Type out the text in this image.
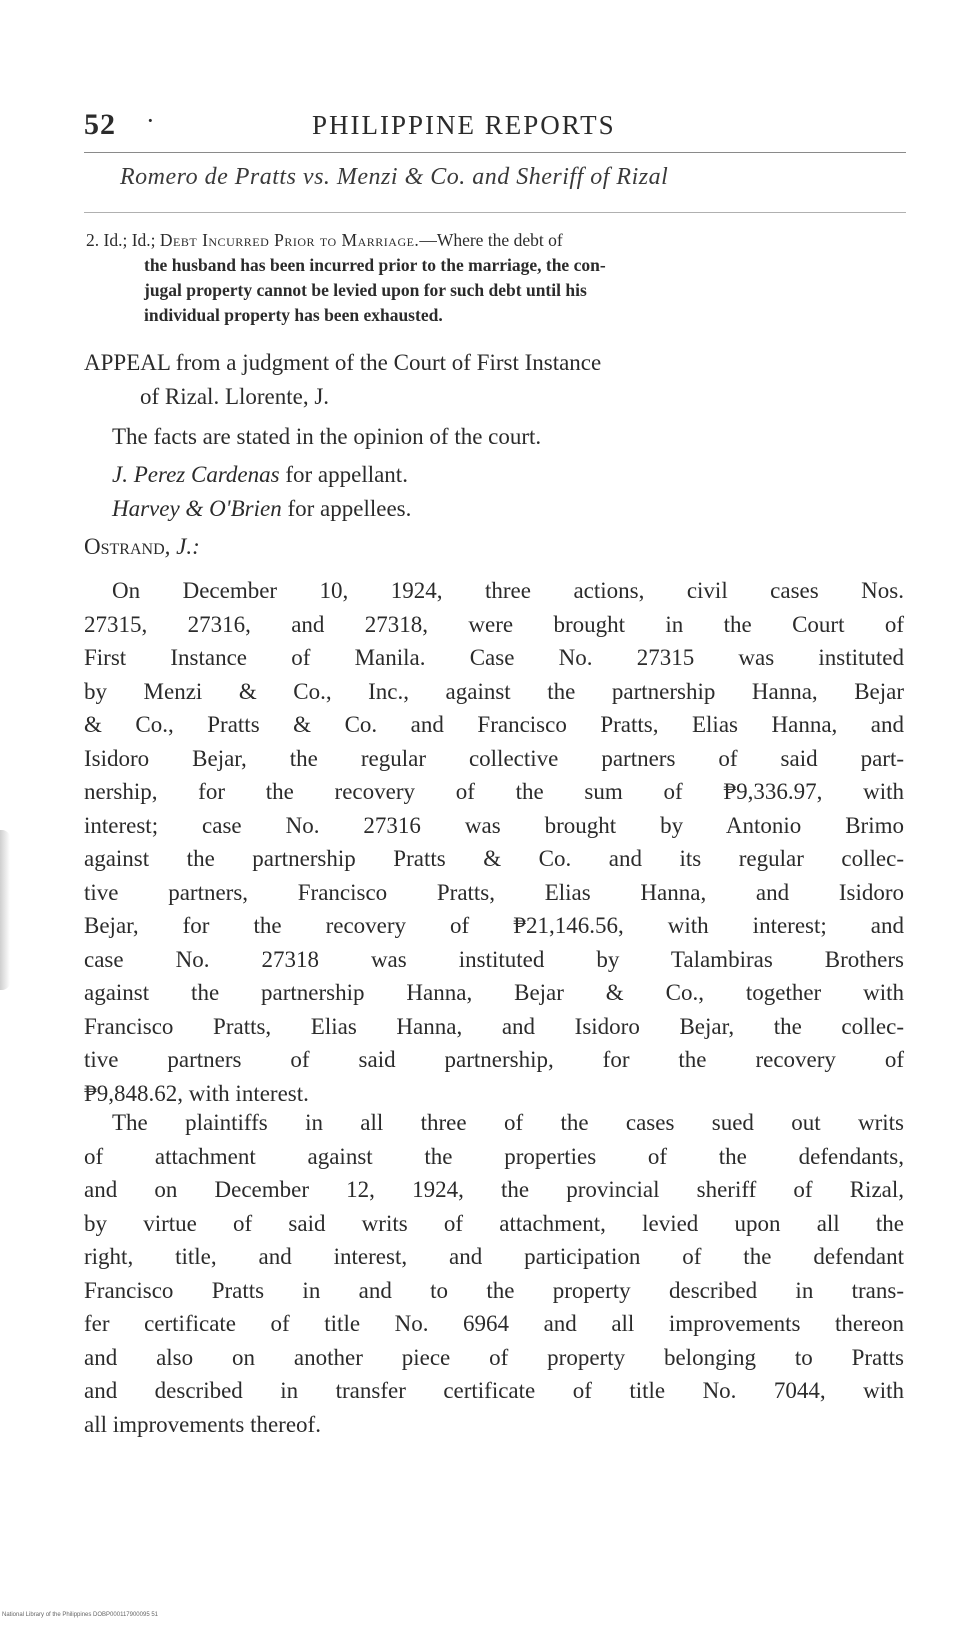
52 ·	PHILIPPINE REPORTS
Romero de Pratts vs. Menzi & Co. and Sheriff of Rizal
2. Id.; Id.; Debt Incurred Prior to Marriage.—Where the debt of
the husband has been incurred prior to the marriage, the con-
jugal property cannot be levied upon for such debt until his
individual property has been exhausted.
APPEAL from a judgment of the Court of First Instance
of Rizal. Llorente, J.
The facts are stated in the opinion of the court.
J. Perez Cardenas for appellant.
Harvey & O'Brien for appellees.
Ostrand, J.:
On December 10, 1924, three actions, civil cases Nos.
27315, 27316, and 27318, were brought in the Court of
First Instance of Manila. Case No. 27315 was instituted
by Menzi & Co., Inc., against the partnership Hanna, Bejar
& Co., Pratts & Co. and Francisco Pratts, Elias Hanna, and
Isidoro Bejar, the regular collective partners of said part-
nership, for the recovery of the sum of ₱9,336.97, with
interest; case No. 27316 was brought by Antonio Brimo
against the partnership Pratts & Co. and its regular collec-
tive partners, Francisco Pratts, Elias Hanna, and Isidoro
Bejar, for the recovery of ₱21,146.56, with interest; and
case No. 27318 was instituted by Talambiras Brothers
against the partnership Hanna, Bejar & Co., together with
Francisco Pratts, Elias Hanna, and Isidoro Bejar, the collec-
tive partners of said partnership, for the recovery of
₱9,848.62, with interest.
The plaintiffs in all three of the cases sued out writs
of attachment against the properties of the defendants,
and on December 12, 1924, the provincial sheriff of Rizal,
by virtue of said writs of attachment, levied upon all the
right, title, and interest, and participation of the defendant
Francisco Pratts in and to the property described in trans-
fer certificate of title No. 6964 and all improvements thereon
and also on another piece of property belonging to Pratts
and described in transfer certificate of title No. 7044, with
all improvements thereof.
National Library of the Philippines DOBP000117900095 51
